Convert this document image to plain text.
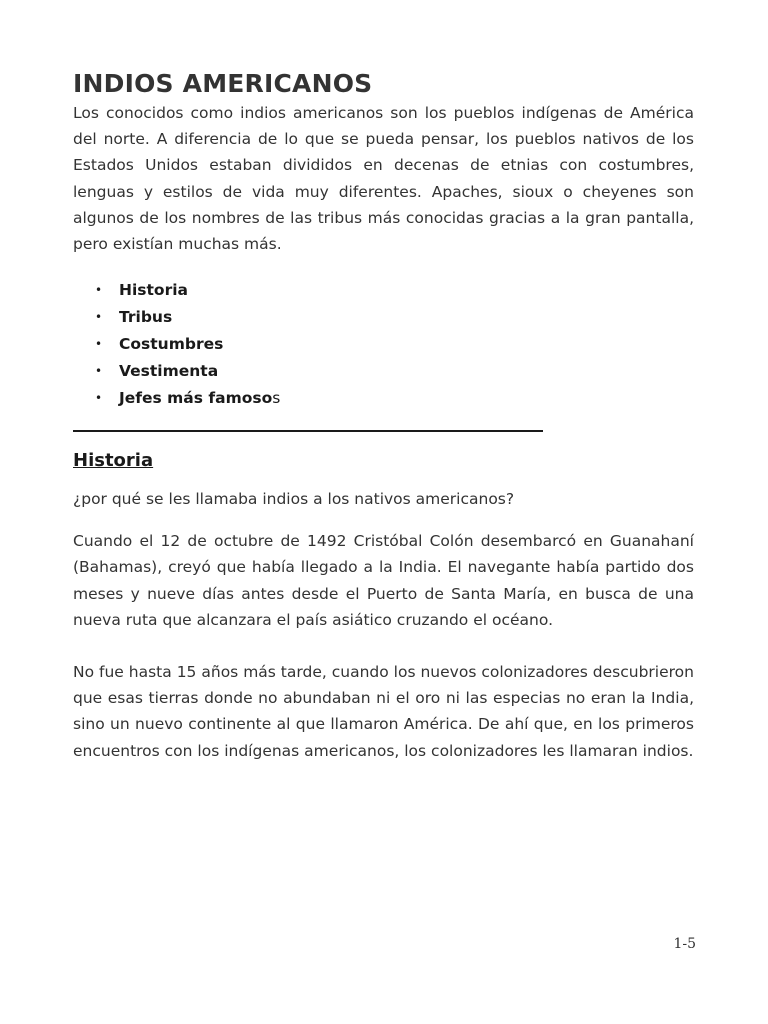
INDIOS AMERICANOS

Los conocidos como indios americanos son los pueblos indígenas de América del norte. A diferencia de lo que se pueda pensar, los pueblos nativos de los Estados Unidos estaban divididos en decenas de etnias con costumbres, lenguas y estilos de vida muy diferentes. Apaches, sioux o cheyenes son algunos de los nombres de las tribus más conocidas gracias a la gran pantalla, pero existían muchas más.

• Historia
• Tribus
• Costumbres
• Vestimenta
• Jefes más famosos
Historia

¿por qué se les llamaba indios a los nativos americanos?

Cuando el 12 de octubre de 1492 Cristóbal Colón desembarcó en Guanahaní (Bahamas), creyó que había llegado a la India. El navegante había partido dos meses y nueve días antes desde el Puerto de Santa María, en busca de una nueva ruta que alcanzara el país asiático cruzando el océano.

No fue hasta 15 años más tarde, cuando los nuevos colonizadores descubrieron que esas tierras donde no abundaban ni el oro ni las especias no eran la India, sino un nuevo continente al que llamaron América. De ahí que, en los primeros encuentros con los indígenas americanos, los colonizadores les llamaran indios.

1-5
